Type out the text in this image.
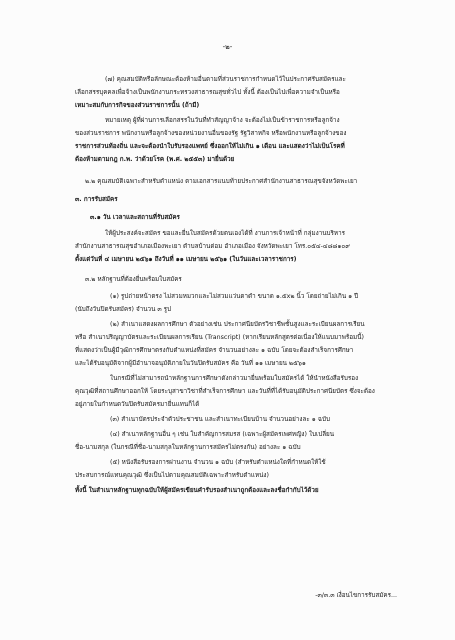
-๒-
(๗) คุณสมบัติหรือลักษณะต้องห้ามอื่นตามที่ส่วนราชการกำหนดไว้ในประกาศรับสมัครและ
เลือกสรรบุคคลเพื่อจ้างเป็นพนักงานกระทรวงสาธารณสุขทั่วไป ทั้งนี้ ต้องเป็นไปเพื่อความจำเป็นหรือ
เหมาะสมกับการกิจของส่วนราชการนั้น (ถ้ามี)
หมายเหตุ ผู้ที่ผ่านการเลือกสรรในวันที่ทำสัญญาจ้าง จะต้องไม่เป็นข้าราชการหรือลูกจ้าง
ของส่วนราชการ พนักงานหรือลูกจ้างของหน่วยงานอื่นของรัฐ รัฐวิสาหกิจ หรือพนักงานหรือลูกจ้างของ
ราชการส่วนท้องถิ่น และจะต้องนำใบรับรองแพทย์ ซึ่งออกให้ไม่เกิน ๑ เดือน และแสดงว่าไม่เป็นโรคที่
ต้องห้ามตามกฎ ก.พ. ว่าด้วยโรค (พ.ศ. ๒๕๕๓) มายื่นด้วย
๒.๒ คุณสมบัติเฉพาะสำหรับตำแหน่ง ตามเอกสารแนบท้ายประกาศสำนักงานสาธารณสุขจังหวัดพะเยา
๓. การรับสมัคร
๓.๑ วัน เวลาและสถานที่รับสมัคร
ให้ผู้ประสงค์จะสมัคร ขอและยื่นใบสมัครด้วยตนเองได้ที่ งานการเจ้าหน้าที่ กลุ่มงานบริหาร
สำนักงานสาธารณสุขอำเภอเมืองพะเยา ตำบลบ้านต่อม อำเภอเมือง จังหวัดพะเยา โทร.๐๕๔-๔๘๘๑๐๙
ตั้งแต่วันที่ ๔ เมษายน ๒๕๖๑ ถึงวันที่ ๑๑ เมษายน ๒๕๖๑ (ในวันและเวลาราชการ)
๓.๒ หลักฐานที่ต้องยื่นพร้อมใบสมัคร
(๑) รูปถ่ายหน้าตรง ไม่สวมหมวกและไม่สวมแว่นตาดำ ขนาด ๑.๕x๒ นิ้ว โดยถ่ายไม่เกิน ๑ ปี
(นับถึงวันปิดรับสมัคร) จำนวน ๓ รูป
(๒) สำเนาแสดงผลการศึกษา ตัวอย่างเช่น ประกาศนียบัตรวิชาชีพชั้นสูงและระเบียนผลการเรียน
หรือ สำเนาปริญญาบัตรและระเบียนผลการเรียน (Transcript) (หากเรียนหลักสูตรต่อเนื่องให้แนบมาพร้อมนี้)
ที่แสดงว่าเป็นผู้มีวุฒิการศึกษาตรงกับตำแหน่งที่สมัคร จำนวนอย่างละ ๑ ฉบับ โดยจะต้องสำเร็จการศึกษา
และได้รับอนุมัติจากผู้มีอำนาจอนุมัติภายในวันปิดรับสมัคร คือ วันที่ ๑๑ เมษายน ๒๕๖๑
ในกรณีที่ไม่สามารถนำหลักฐานการศึกษาดังกล่าวมายื่นพร้อมใบสมัครได้ ให้นำหนังสือรับรอง
คุณวุฒิที่สถานศึกษาออกให้ โดยระบุสาขาวิชาที่สำเร็จการศึกษา และวันที่ที่ได้รับอนุมัติประกาศนียบัตร ซึ่งจะต้อง
อยู่ภายในกำหนดวันปิดรับสมัครมายื่นแทนก็ได้
(๓) สำเนาบัตรประจำตัวประชาชน และสำเนาทะเบียนบ้าน จำนวนอย่างละ ๑ ฉบับ
(๔) สำเนาหลักฐานอื่น ๆ เช่น ใบสำคัญการสมรส (เฉพาะผู้สมัครเพศหญิง) ใบเปลี่ยน
ชื่อ-นามสกุล (ในกรณีที่ชื่อ-นามสกุลในหลักฐานการสมัครไม่ตรงกัน) อย่างละ ๑ ฉบับ
(๕) หนังสือรับรองการผ่านงาน จำนวน ๑ ฉบับ (สำหรับตำแหน่งใดที่กำหนดให้ใช้
ประสบการณ์แทนคุณวุฒิ ซึ่งเป็นไปตามคุณสมบัติเฉพาะสำหรับตำแหน่ง)
ทั้งนี้ ในสำเนาหลักฐานทุกฉบับให้ผู้สมัครเขียนคำรับรองสำเนาถูกต้องและลงชื่อกำกับไว้ด้วย
-๓/๓.๓ เงื่อนไขการรับสมัคร...
